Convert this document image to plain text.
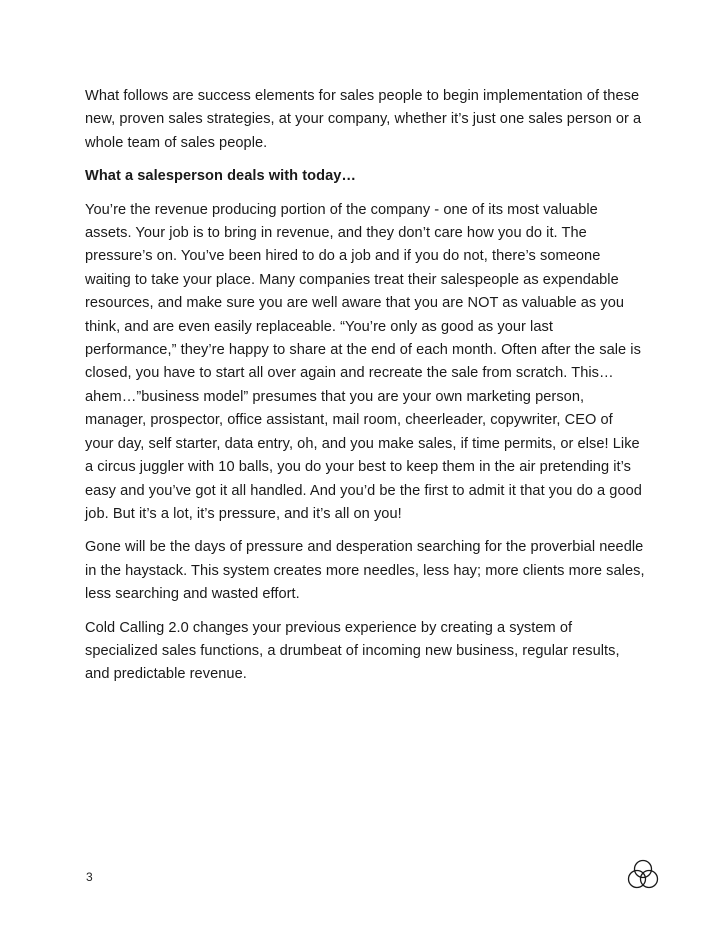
What follows are success elements for sales people to begin implementation of these new, proven sales strategies, at your company, whether it’s just one sales person or a whole team of sales people.

What a salesperson deals with today…

You’re the revenue producing portion of the company - one of its most valuable assets. Your job is to bring in revenue, and they don’t care how you do it. The pressure’s on. You’ve been hired to do a job and if you do not, there’s someone waiting to take your place. Many companies treat their salespeople as expendable resources, and make sure you are well aware that you are NOT as valuable as you think, and are even easily replaceable. “You’re only as good as your last performance,” they’re happy to share at the end of each month. Often after the sale is closed, you have to start all over again and recreate the sale from scratch. This…ahem…”business model” presumes that you are your own marketing person, manager, prospector, office assistant, mail room, cheerleader, copywriter, CEO of your day, self starter, data entry, oh, and you make sales, if time permits, or else! Like a circus juggler with 10 balls, you do your best to keep them in the air pretending it’s easy and you’ve got it all handled. And you’d be the first to admit it that you do a good job. But it’s a lot, it’s pressure, and it’s all on you!

Gone will be the days of pressure and desperation searching for the proverbial needle in the haystack. This system creates more needles, less hay; more clients more sales, less searching and wasted effort.

Cold Calling 2.0 changes your previous experience by creating a system of specialized sales functions, a drumbeat of incoming new business, regular results, and predictable revenue.

3
